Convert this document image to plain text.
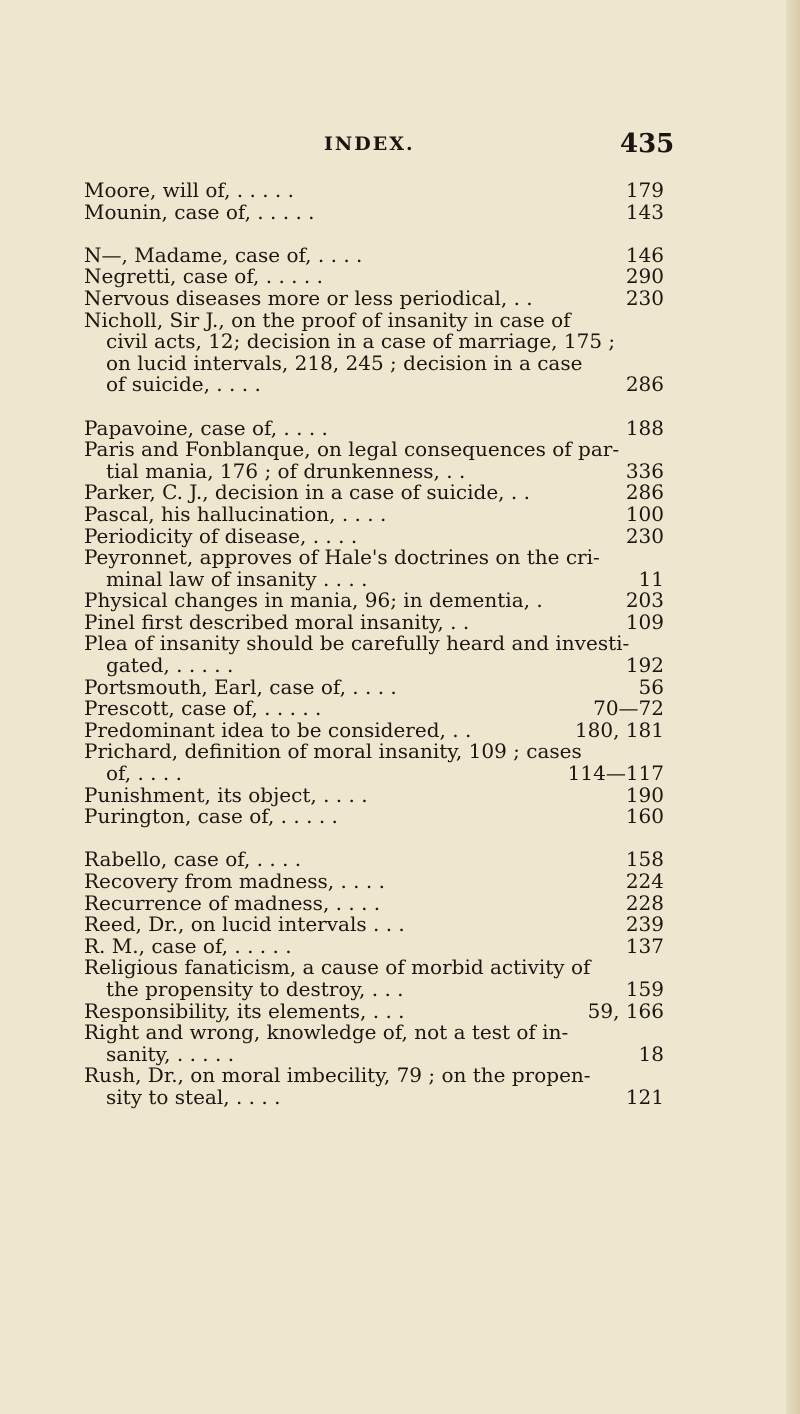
INDEX.	435
Moore, will of, . . . . .	179
Mounin, case of, . . . . .	143
N—, Madame, case of, . . . .	146
Negretti, case of, . . . . .	290
Nervous diseases more or less periodical, . .	230
Nicholl, Sir J., on the proof of insanity in case of
civil acts, 12; decision in a case of marriage, 175 ;
on lucid intervals, 218, 245 ; decision in a case
of suicide, . . . .	286
Papavoine, case of, . . . .	188
Paris and Fonblanque, on legal consequences of par-
tial mania, 176 ; of drunkenness, . .	336
Parker, C. J., decision in a case of suicide, . .	286
Pascal, his hallucination, . . . .	100
Periodicity of disease, . . . .	230
Peyronnet, approves of Hale's doctrines on the cri-
minal law of insanity . . . .	11
Physical changes in mania, 96; in dementia, .	203
Pinel first described moral insanity, . .	109
Plea of insanity should be carefully heard and investi-
gated, . . . . .	192
Portsmouth, Earl, case of, . . . .	56
Prescott, case of, . . . . .	70—72
Predominant idea to be considered, . .	180, 181
Prichard, definition of moral insanity, 109 ; cases
of, . . . .	114—117
Punishment, its object, . . . .	190
Purington, case of, . . . . .	160
Rabello, case of, . . . .	158
Recovery from madness, . . . .	224
Recurrence of madness, . . . .	228
Reed, Dr., on lucid intervals . . .	239
R. M., case of, . . . . .	137
Religious fanaticism, a cause of morbid activity of
the propensity to destroy, . . .	159
Responsibility, its elements, . . .	59, 166
Right and wrong, knowledge of, not a test of in-
sanity, . . . . .	18
Rush, Dr., on moral imbecility, 79 ; on the propen-
sity to steal, . . . .	121
